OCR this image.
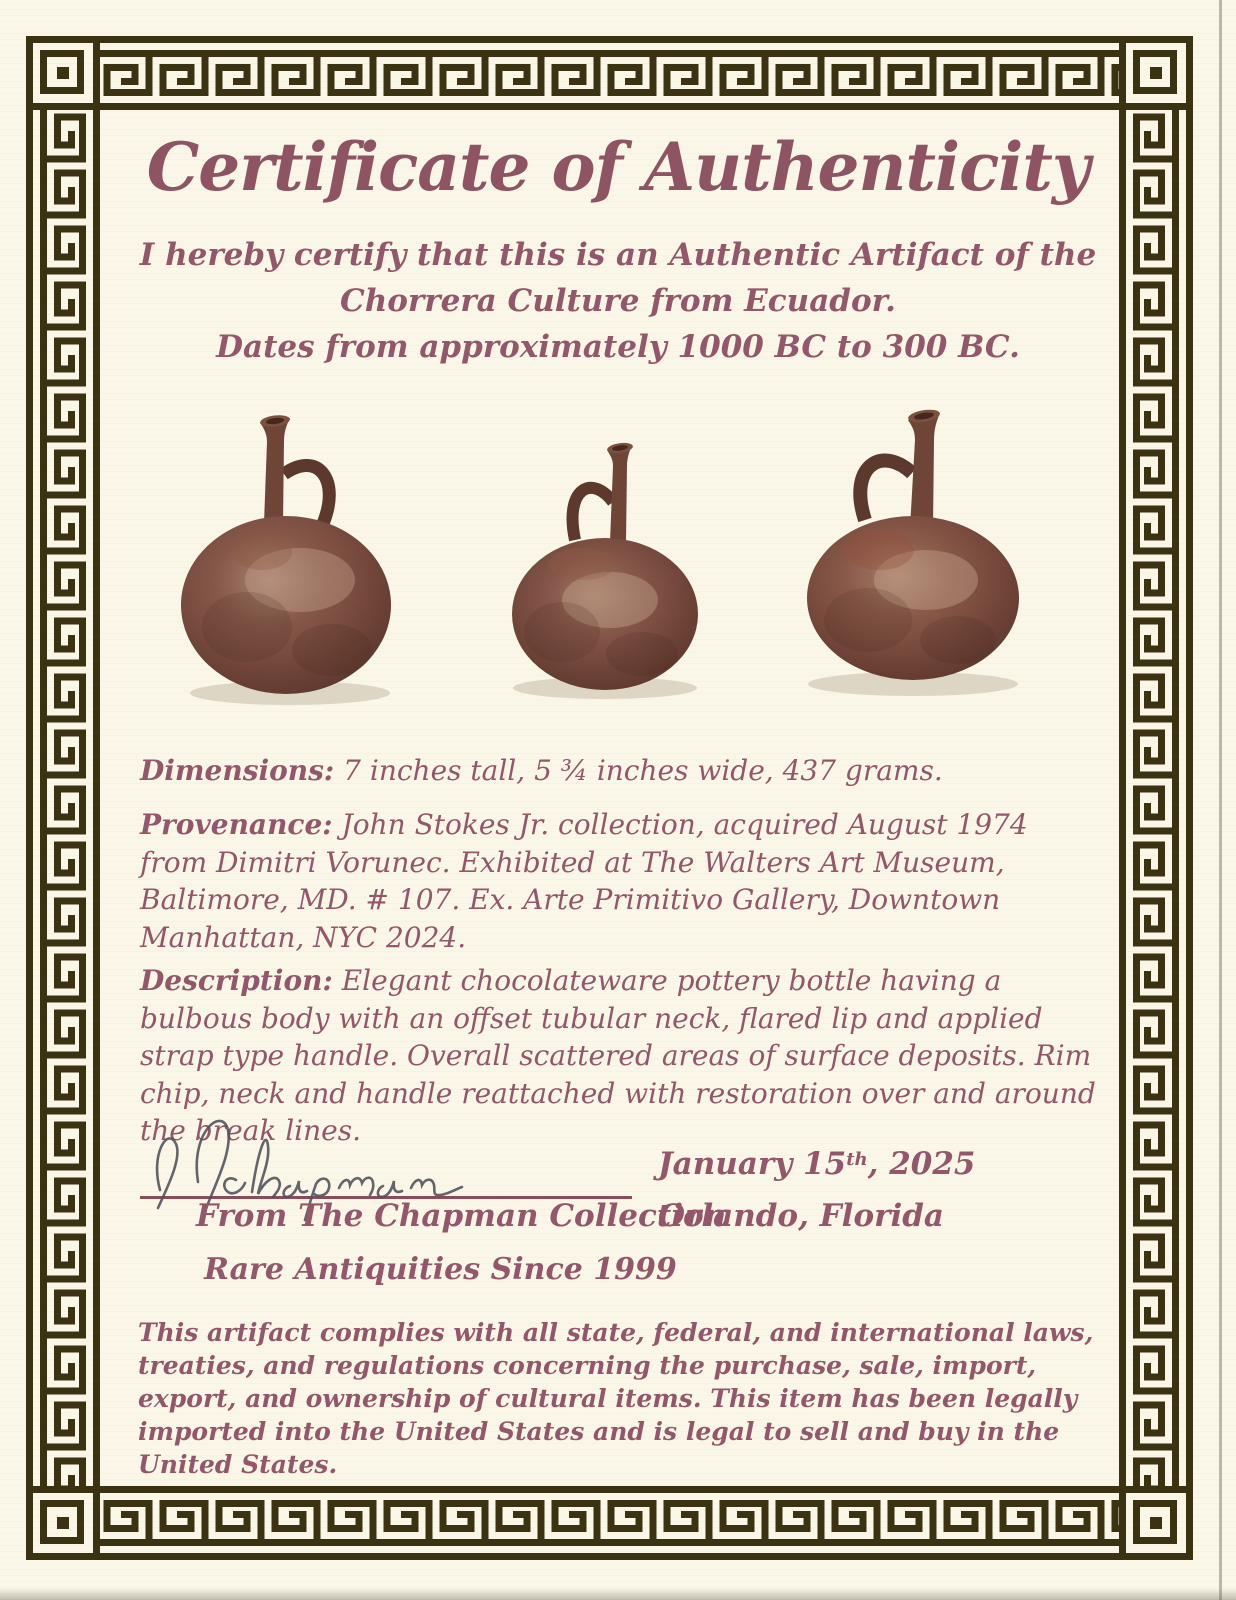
Certificate of Authenticity
I hereby certify that this is an Authentic Artifact of the
Chorrera Culture from Ecuador.
Dates from approximately 1000 BC to 300 BC.
Dimensions: 7 inches tall, 5 ¾ inches wide, 437 grams.
Provenance: John Stokes Jr. collection, acquired August 1974 from Dimitri Vorunec. Exhibited at The Walters Art Museum, Baltimore, MD. # 107. Ex. Arte Primitivo Gallery, Downtown Manhattan, NYC 2024.
Description: Elegant chocolateware pottery bottle having a bulbous body with an offset tubular neck, flared lip and applied strap type handle. Overall scattered areas of surface deposits. Rim chip, neck and handle reattached with restoration over and around the break lines.
January 15th, 2025
From The Chapman Collection
Orlando, Florida
Rare Antiquities Since 1999
This artifact complies with all state, federal, and international laws, treaties, and regulations concerning the purchase, sale, import, export, and ownership of cultural items. This item has been legally imported into the United States and is legal to sell and buy in the United States.
